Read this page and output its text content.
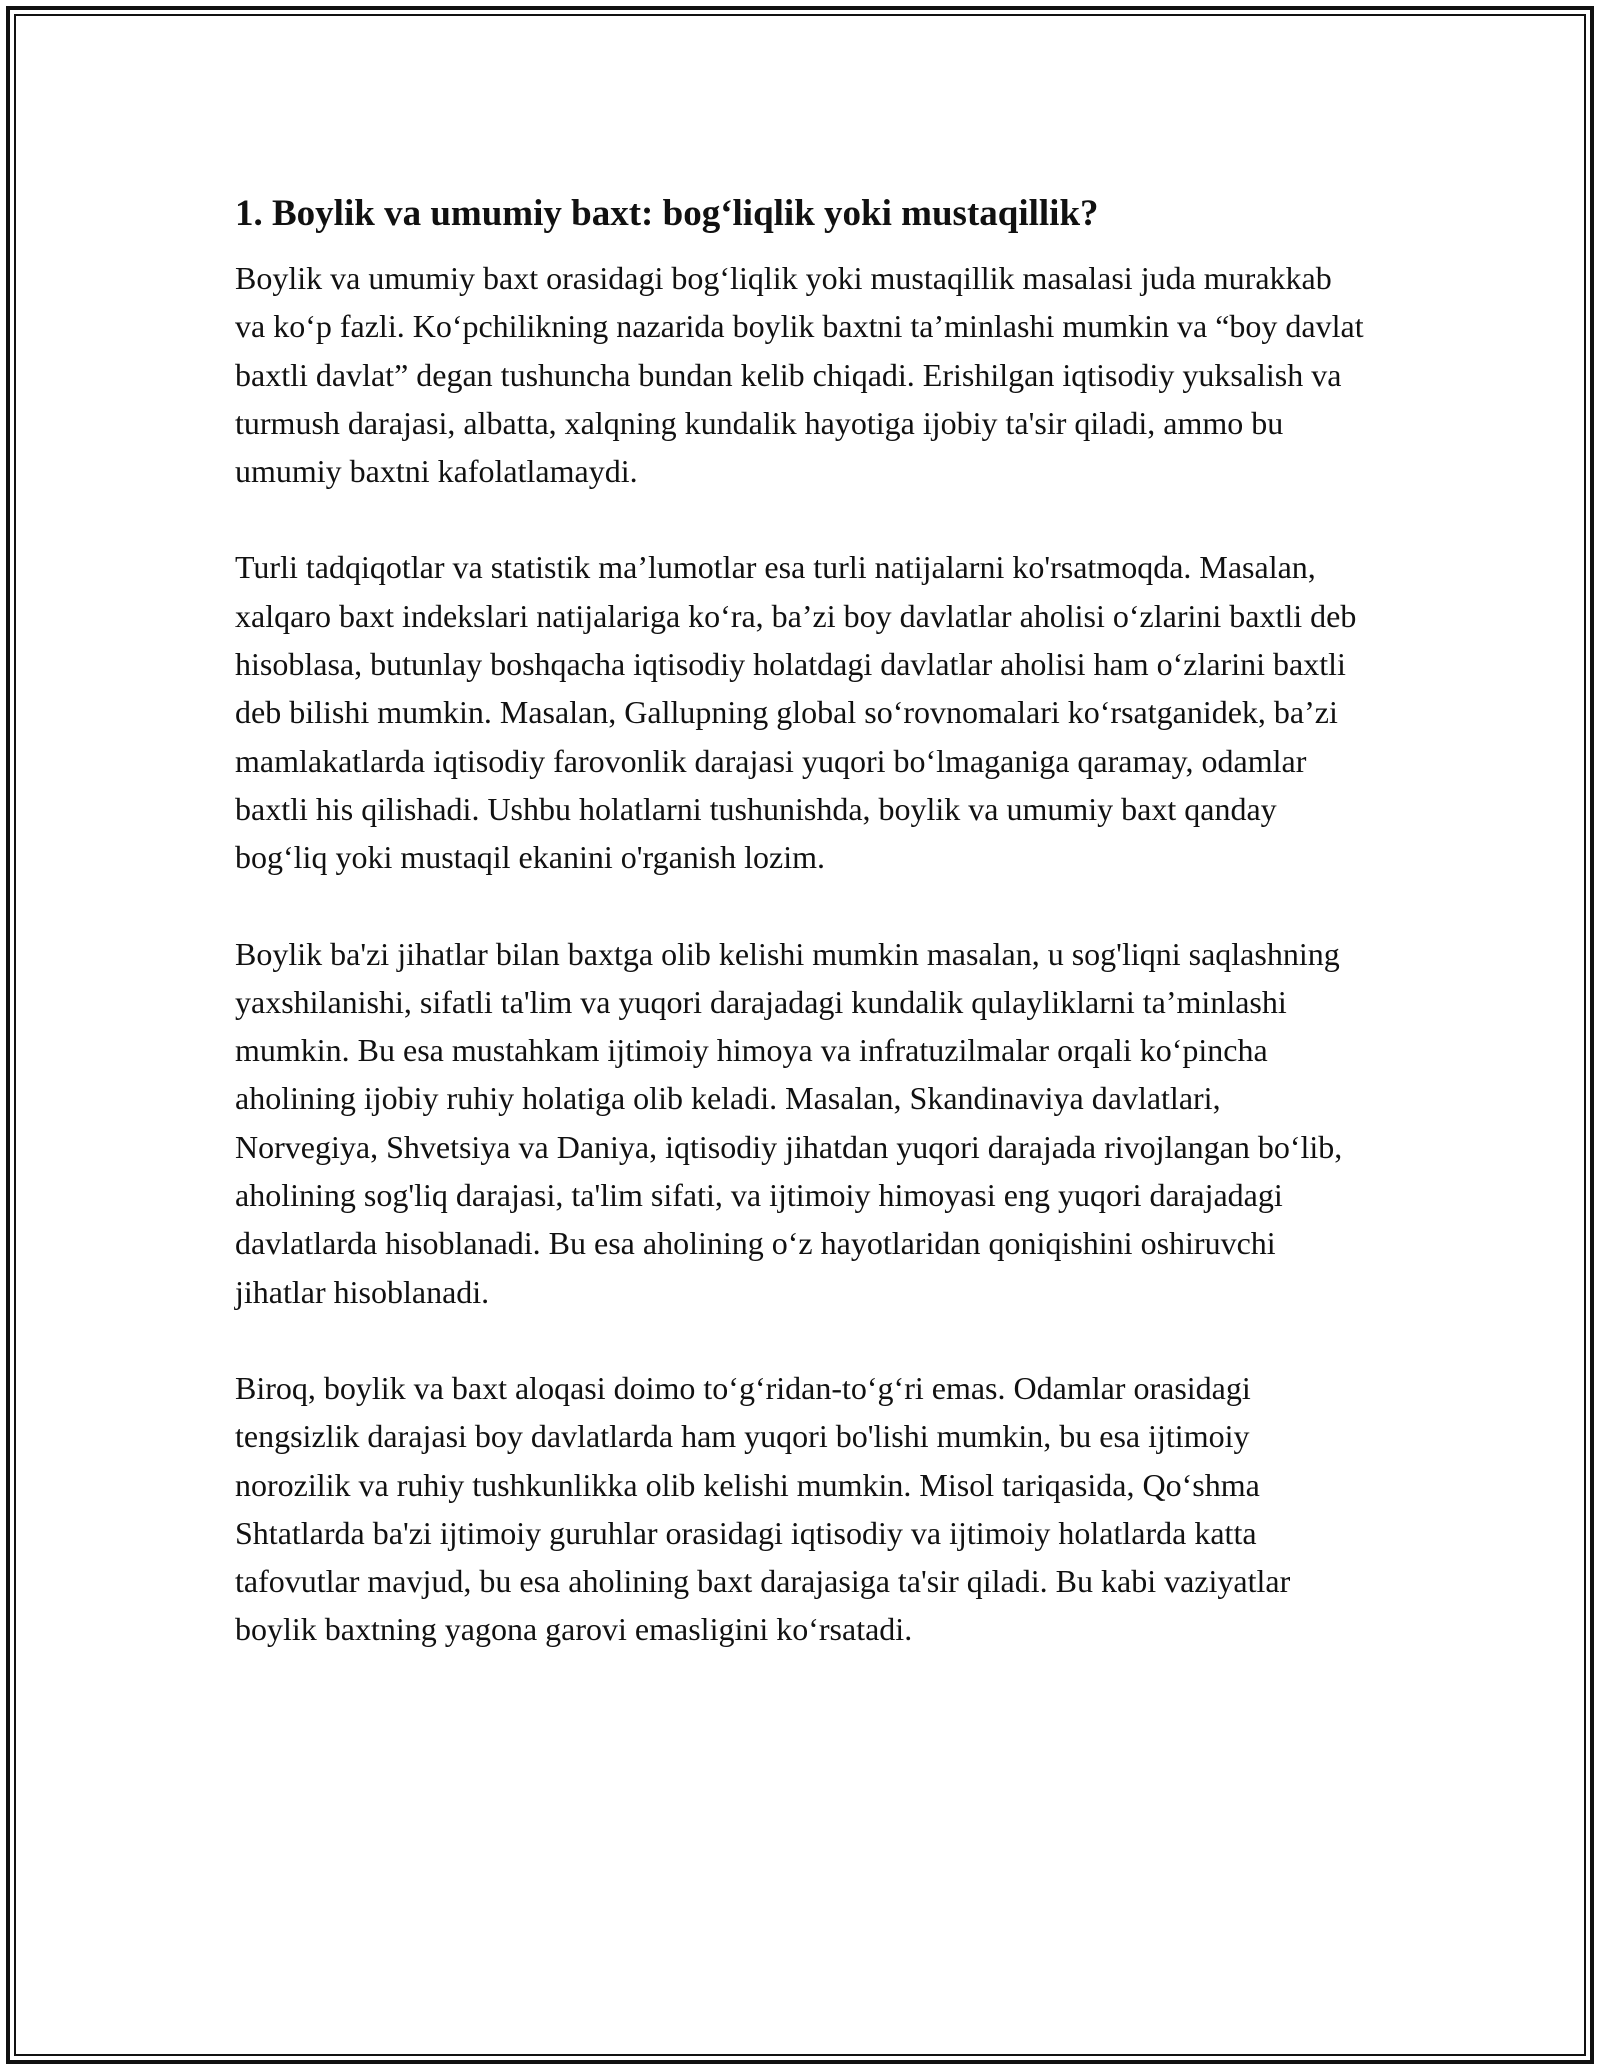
1. Boylik va umumiy baxt: bog‘liqlik yoki mustaqillik?

Boylik va umumiy baxt orasidagi bog‘liqlik yoki mustaqillik masalasi juda murakkab va ko‘p fazli. Ko‘pchilikning nazarida boylik baxtni ta’minlashi mumkin va “boy davlat baxtli davlat” degan tushuncha bundan kelib chiqadi. Erishilgan iqtisodiy yuksalish va turmush darajasi, albatta, xalqning kundalik hayotiga ijobiy ta'sir qiladi, ammo bu umumiy baxtni kafolatlamaydi.

Turli tadqiqotlar va statistik ma’lumotlar esa turli natijalarni ko'rsatmoqda. Masalan, xalqaro baxt indekslari natijalariga ko‘ra, ba’zi boy davlatlar aholisi o‘zlarini baxtli deb hisoblasa, butunlay boshqacha iqtisodiy holatdagi davlatlar aholisi ham o‘zlarini baxtli deb bilishi mumkin. Masalan, Gallupning global so‘rovnomalari ko‘rsatganidek, ba’zi mamlakatlarda iqtisodiy farovonlik darajasi yuqori bo‘lmaganiga qaramay, odamlar baxtli his qilishadi. Ushbu holatlarni tushunishda, boylik va umumiy baxt qanday bog‘liq yoki mustaqil ekanini o'rganish lozim.

Boylik ba'zi jihatlar bilan baxtga olib kelishi mumkin masalan, u sog'liqni saqlashning yaxshilanishi, sifatli ta'lim va yuqori darajadagi kundalik qulayliklarni ta’minlashi mumkin. Bu esa mustahkam ijtimoiy himoya va infratuzilmalar orqali ko‘pincha aholining ijobiy ruhiy holatiga olib keladi. Masalan, Skandinaviya davlatlari, Norvegiya, Shvetsiya va Daniya, iqtisodiy jihatdan yuqori darajada rivojlangan bo‘lib, aholining sog'liq darajasi, ta'lim sifati, va ijtimoiy himoyasi eng yuqori darajadagi davlatlarda hisoblanadi. Bu esa aholining o‘z hayotlaridan qoniqishini oshiruvchi jihatlar hisoblanadi.

Biroq, boylik va baxt aloqasi doimo to‘g‘ridan-to‘g‘ri emas. Odamlar orasidagi tengsizlik darajasi boy davlatlarda ham yuqori bo'lishi mumkin, bu esa ijtimoiy norozilik va ruhiy tushkunlikka olib kelishi mumkin. Misol tariqasida, Qo‘shma Shtatlarda ba'zi ijtimoiy guruhlar orasidagi iqtisodiy va ijtimoiy holatlarda katta tafovutlar mavjud, bu esa aholining baxt darajasiga ta'sir qiladi. Bu kabi vaziyatlar boylik baxtning yagona garovi emasligini ko‘rsatadi.
